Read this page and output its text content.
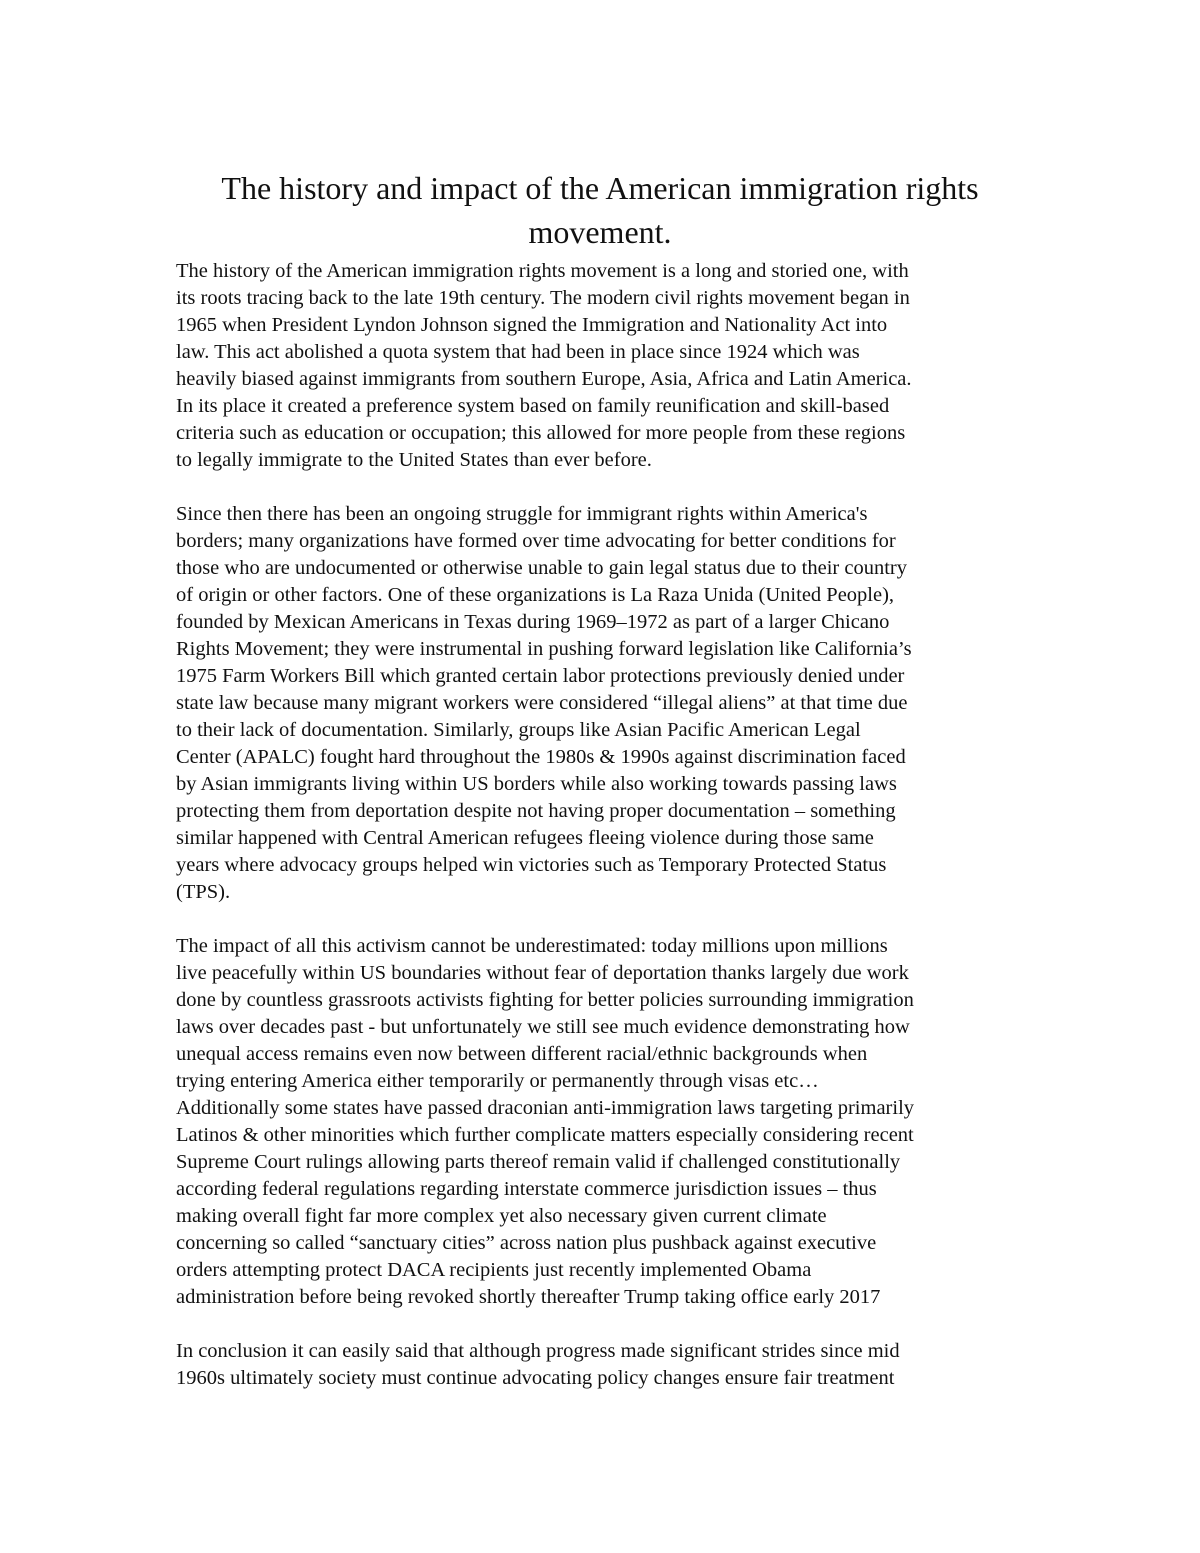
The history and impact of the American immigration rights
movement.

The history of the American immigration rights movement is a long and storied one, with
its roots tracing back to the late 19th century. The modern civil rights movement began in
1965 when President Lyndon Johnson signed the Immigration and Nationality Act into
law. This act abolished a quota system that had been in place since 1924 which was
heavily biased against immigrants from southern Europe, Asia, Africa and Latin America.
In its place it created a preference system based on family reunification and skill-based
criteria such as education or occupation; this allowed for more people from these regions
to legally immigrate to the United States than ever before.

Since then there has been an ongoing struggle for immigrant rights within America's
borders; many organizations have formed over time advocating for better conditions for
those who are undocumented or otherwise unable to gain legal status due to their country
of origin or other factors. One of these organizations is La Raza Unida (United People),
founded by Mexican Americans in Texas during 1969–1972 as part of a larger Chicano
Rights Movement; they were instrumental in pushing forward legislation like California’s
1975 Farm Workers Bill which granted certain labor protections previously denied under
state law because many migrant workers were considered “illegal aliens” at that time due
to their lack of documentation. Similarly, groups like Asian Pacific American Legal
Center (APALC) fought hard throughout the 1980s & 1990s against discrimination faced
by Asian immigrants living within US borders while also working towards passing laws
protecting them from deportation despite not having proper documentation – something
similar happened with Central American refugees fleeing violence during those same
years where advocacy groups helped win victories such as Temporary Protected Status
(TPS).

The impact of all this activism cannot be underestimated: today millions upon millions
live peacefully within US boundaries without fear of deportation thanks largely due work
done by countless grassroots activists fighting for better policies surrounding immigration
laws over decades past - but unfortunately we still see much evidence demonstrating how
unequal access remains even now between different racial/ethnic backgrounds when
trying entering America either temporarily or permanently through visas etc…
Additionally some states have passed draconian anti-immigration laws targeting primarily
Latinos & other minorities which further complicate matters especially considering recent
Supreme Court rulings allowing parts thereof remain valid if challenged constitutionally
according federal regulations regarding interstate commerce jurisdiction issues – thus
making overall fight far more complex yet also necessary given current climate
concerning so called “sanctuary cities” across nation plus pushback against executive
orders attempting protect DACA recipients just recently implemented Obama
administration before being revoked shortly thereafter Trump taking office early 2017

In conclusion it can easily said that although progress made significant strides since mid
1960s ultimately society must continue advocating policy changes ensure fair treatment
